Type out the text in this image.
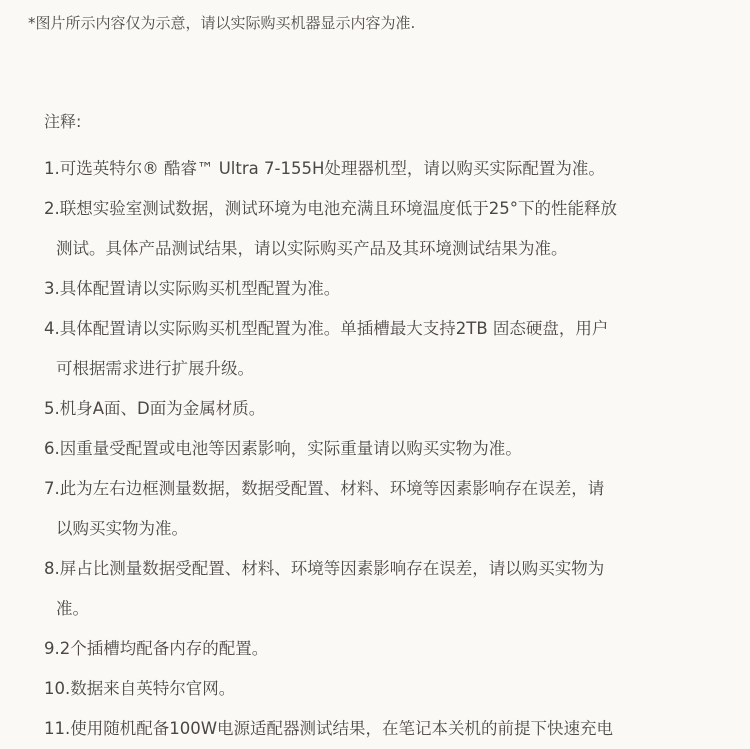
*图片所示内容仅为示意，请以实际购买机器显示内容为准.
注释:
1.可选英特尔® 酷睿™ Ultra 7-155H处理器机型，请以购买实际配置为准。
2.联想实验室测试数据，测试环境为电池充满且环境温度低于25°下的性能释放
测试。具体产品测试结果，请以实际购买产品及其环境测试结果为准。
3.具体配置请以实际购买机型配置为准。
4.具体配置请以实际购买机型配置为准。单插槽最大支持2TB 固态硬盘，用户
可根据需求进行扩展升级。
5.机身A面、D面为金属材质。
6.因重量受配置或电池等因素影响，实际重量请以购买实物为准。
7.此为左右边框测量数据，数据受配置、材料、环境等因素影响存在误差，请
以购买实物为准。
8.屏占比测量数据受配置、材料、环境等因素影响存在误差，请以购买实物为
准。
9.2个插槽均配备内存的配置。
10.数据来自英特尔官网。
11.使用随机配备100W电源适配器测试结果，在笔记本关机的前提下快速充电
